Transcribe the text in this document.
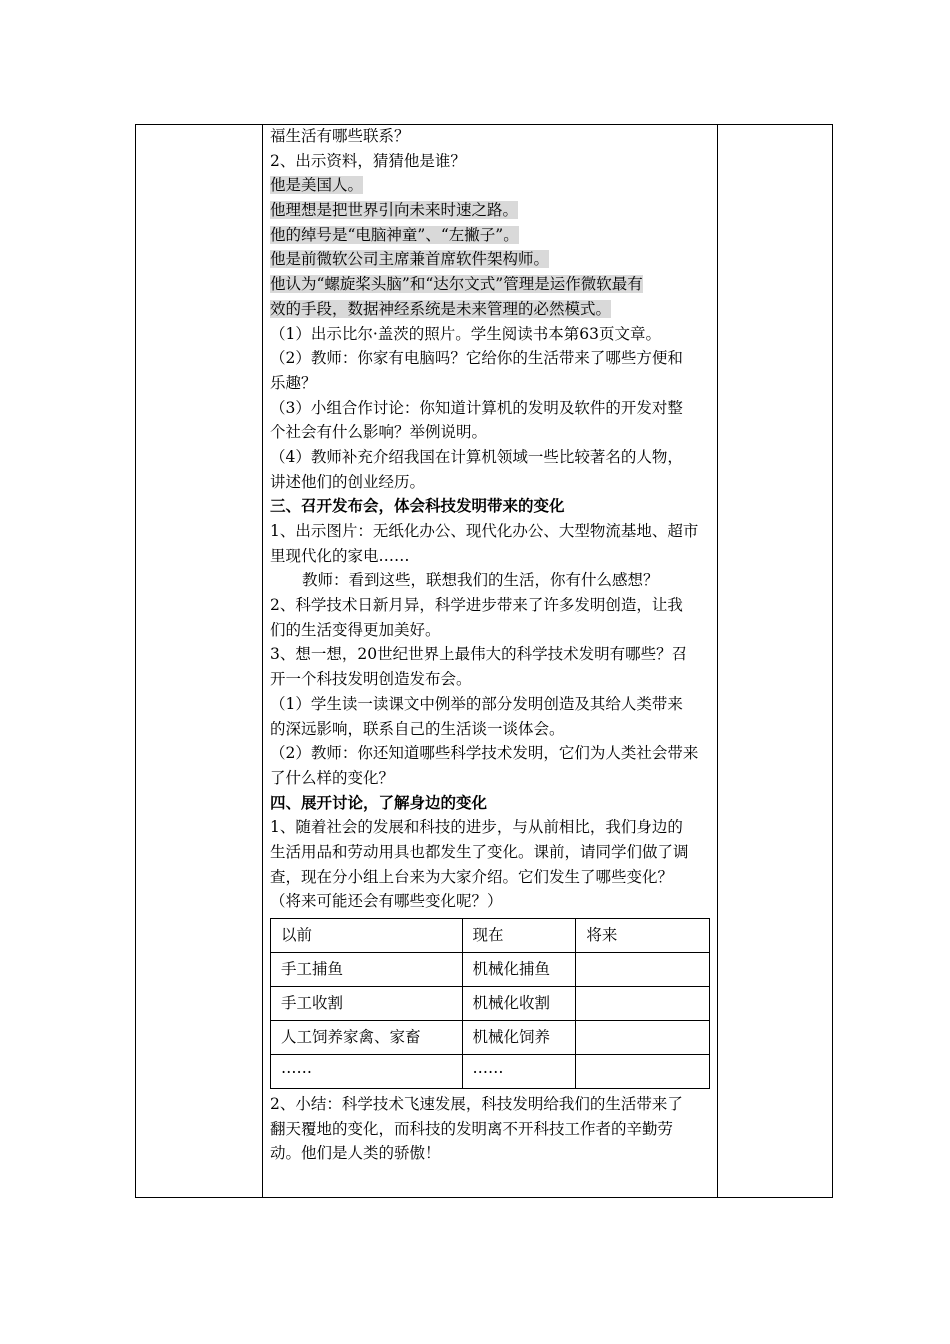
福生活有哪些联系？
2、出示资料，猜猜他是谁？
他是美国人。
他理想是把世界引向未来时速之路。
他的绰号是“电脑神童”、“左撇子”。
他是前微软公司主席兼首席软件架构师。
他认为“螺旋桨头脑”和“达尔文式”管理是运作微软最有
效的手段，数据神经系统是未来管理的必然模式。
（1）出示比尔·盖茨的照片。学生阅读书本第63页文章。
（2）教师：你家有电脑吗？它给你的生活带来了哪些方便和
乐趣？
（3）小组合作讨论：你知道计算机的发明及软件的开发对整
个社会有什么影响？举例说明。
（4）教师补充介绍我国在计算机领域一些比较著名的人物，
讲述他们的创业经历。
三、召开发布会，体会科技发明带来的变化
1、出示图片：无纸化办公、现代化办公、大型物流基地、超市
里现代化的家电……
教师：看到这些，联想我们的生活，你有什么感想？
2、科学技术日新月异，科学进步带来了许多发明创造，让我
们的生活变得更加美好。
3、想一想，20世纪世界上最伟大的科学技术发明有哪些？召
开一个科技发明创造发布会。
（1）学生读一读课文中例举的部分发明创造及其给人类带来
的深远影响，联系自己的生活谈一谈体会。
（2）教师：你还知道哪些科学技术发明，它们为人类社会带来
了什么样的变化？
四、展开讨论，了解身边的变化
1、随着社会的发展和科技的进步，与从前相比，我们身边的
生活用品和劳动用具也都发生了变化。课前，请同学们做了调
查，现在分小组上台来为大家介绍。它们发生了哪些变化？
（将来可能还会有哪些变化呢？）
以前	现在	将来
手工捕鱼	机械化捕鱼	
手工收割	机械化收割	
人工饲养家禽、家畜	机械化饲养	
……	……	
2、小结：科学技术飞速发展，科技发明给我们的生活带来了
翻天覆地的变化，而科技的发明离不开科技工作者的辛勤劳
动。他们是人类的骄傲！
